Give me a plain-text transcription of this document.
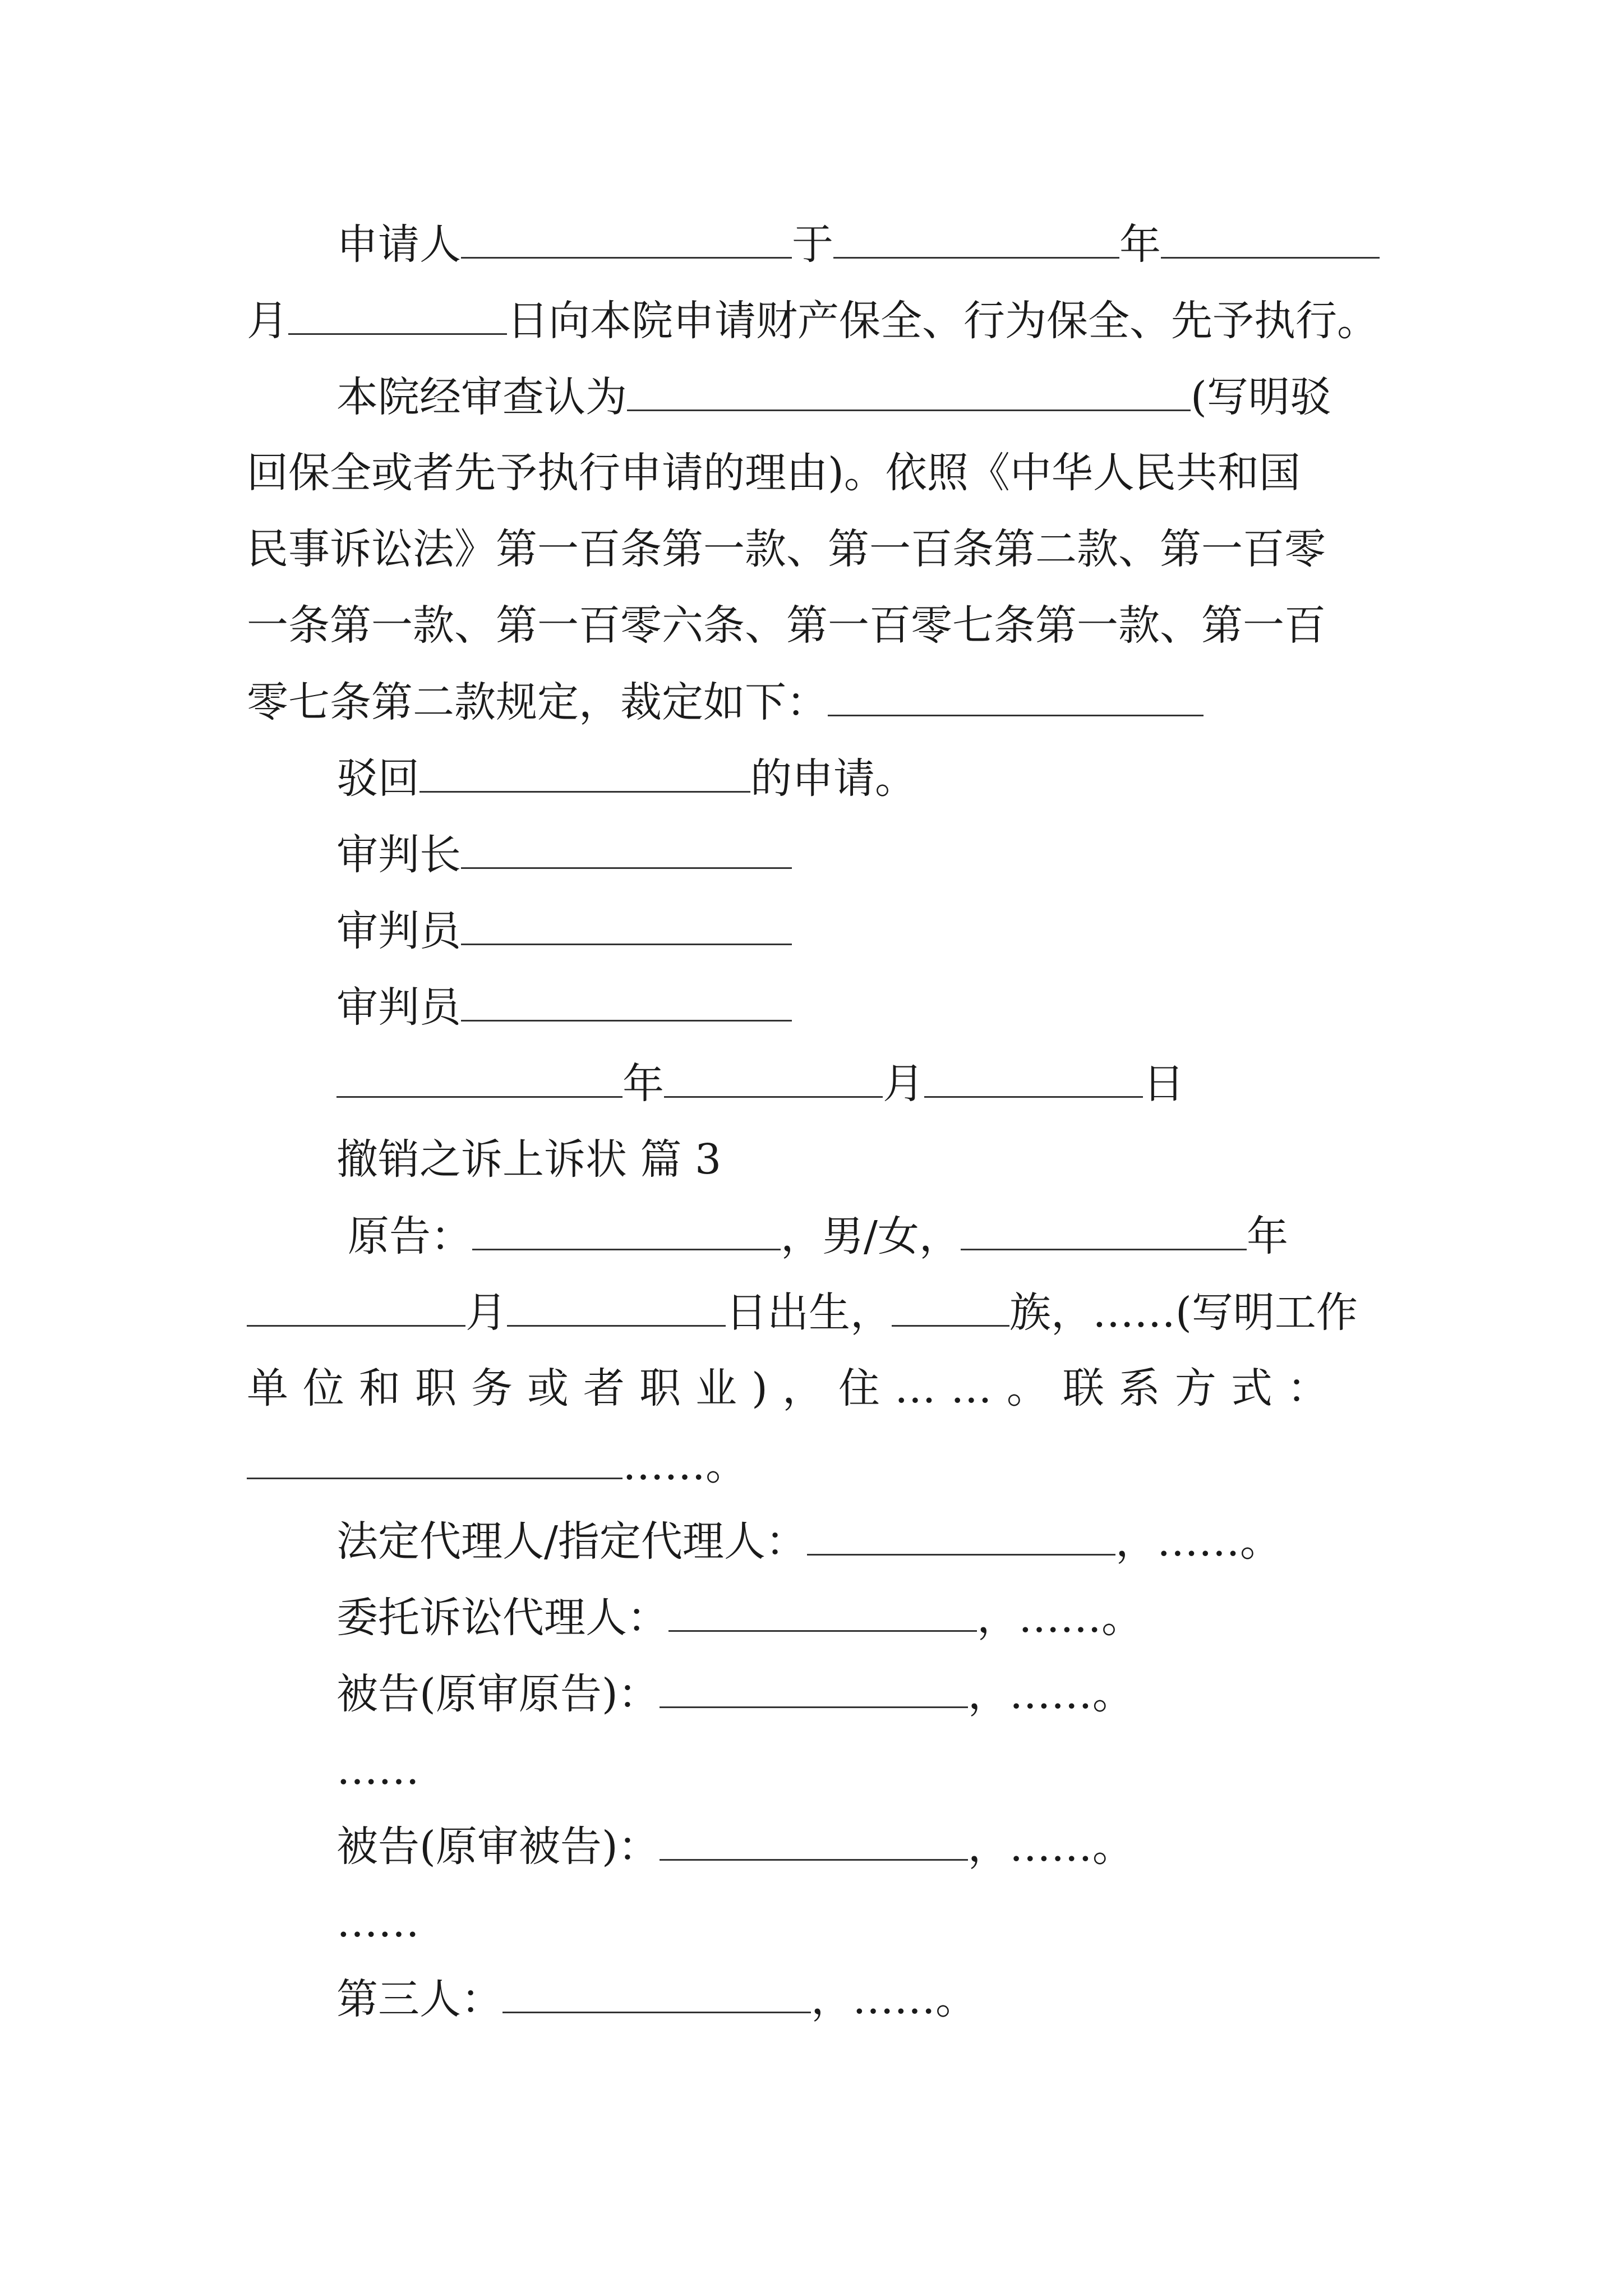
申请人	于	年
月	日向本院申请财产保全、行为保全、先予执行。
本院经审查认为	(写明驳
回保全或者先予执行申请的理由)。依照《中华人民共和国
民事诉讼法》第一百条第一款、第一百条第二款、第一百零
一条第一款、第一百零六条、第一百零七条第一款、第一百
零七条第二款规定，裁定如下：
驳回	的申请。
审判长
审判员
审判员
年	月	日
撤销之诉上诉状 篇 3
原告：	，男/女，	年
月	日出生，	族，……(写明工作
单位和职务或者职业)，住……。联系方式：
……。
法定代理人/指定代理人：	，……。
委托诉讼代理人：	，……。
被告(原审原告)：	，……。
……
被告(原审被告)：	，……。
……
第三人：	，……。
